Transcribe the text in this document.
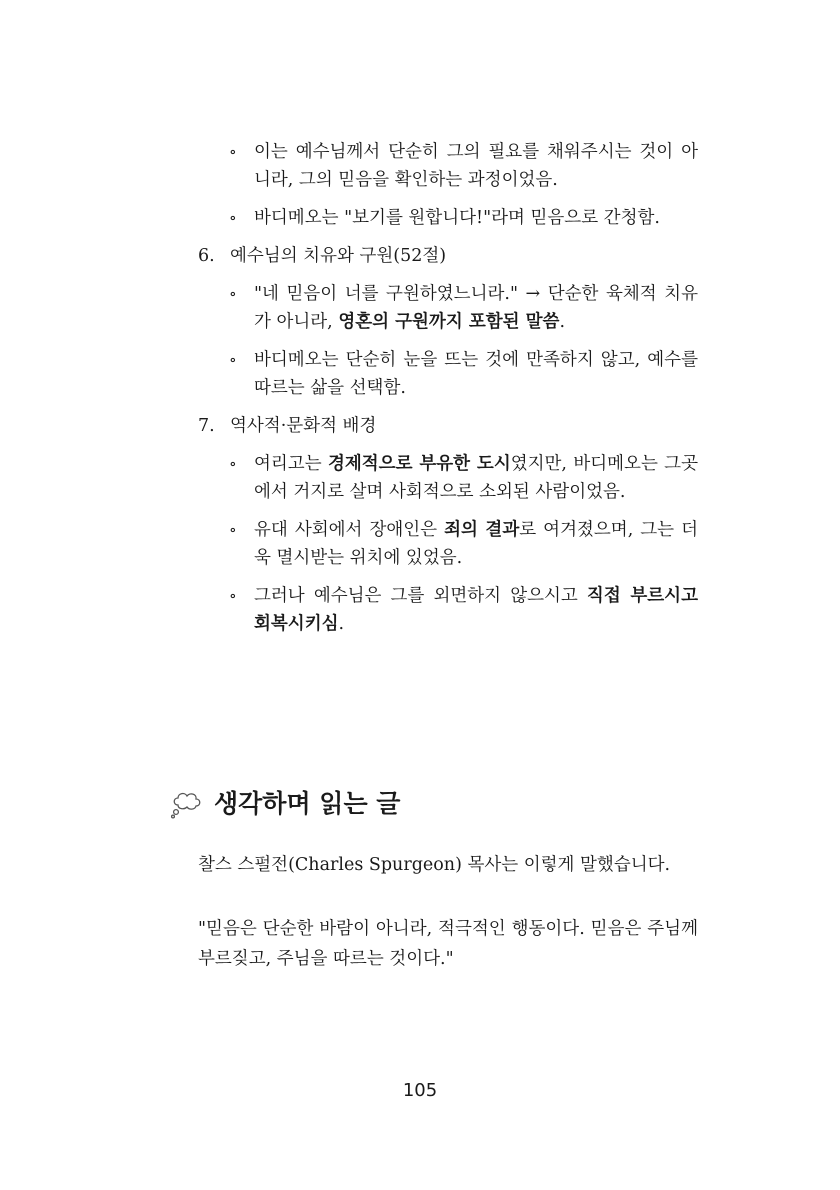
∘ 이는 예수님께서 단순히 그의 필요를 채워주시는 것이 아니라, 그의 믿음을 확인하는 과정이었음.
∘ 바디메오는 "보기를 원합니다!"라며 믿음으로 간청함.
6. 예수님의 치유와 구원(52절)
∘ "네 믿음이 너를 구원하였느니라." → 단순한 육체적 치유가 아니라, 영혼의 구원까지 포함된 말씀.
∘ 바디메오는 단순히 눈을 뜨는 것에 만족하지 않고, 예수를 따르는 삶을 선택함.
7. 역사적·문화적 배경
∘ 여리고는 경제적으로 부유한 도시였지만, 바디메오는 그곳에서 거지로 살며 사회적으로 소외된 사람이었음.
∘ 유대 사회에서 장애인은 죄의 결과로 여겨졌으며, 그는 더욱 멸시받는 위치에 있었음.
∘ 그러나 예수님은 그를 외면하지 않으시고 직접 부르시고 회복시키심.
생각하며 읽는 글
찰스 스펄전(Charles Spurgeon) 목사는 이렇게 말했습니다.
"믿음은 단순한 바람이 아니라, 적극적인 행동이다. 믿음은 주님께 부르짖고, 주님을 따르는 것이다."
105
